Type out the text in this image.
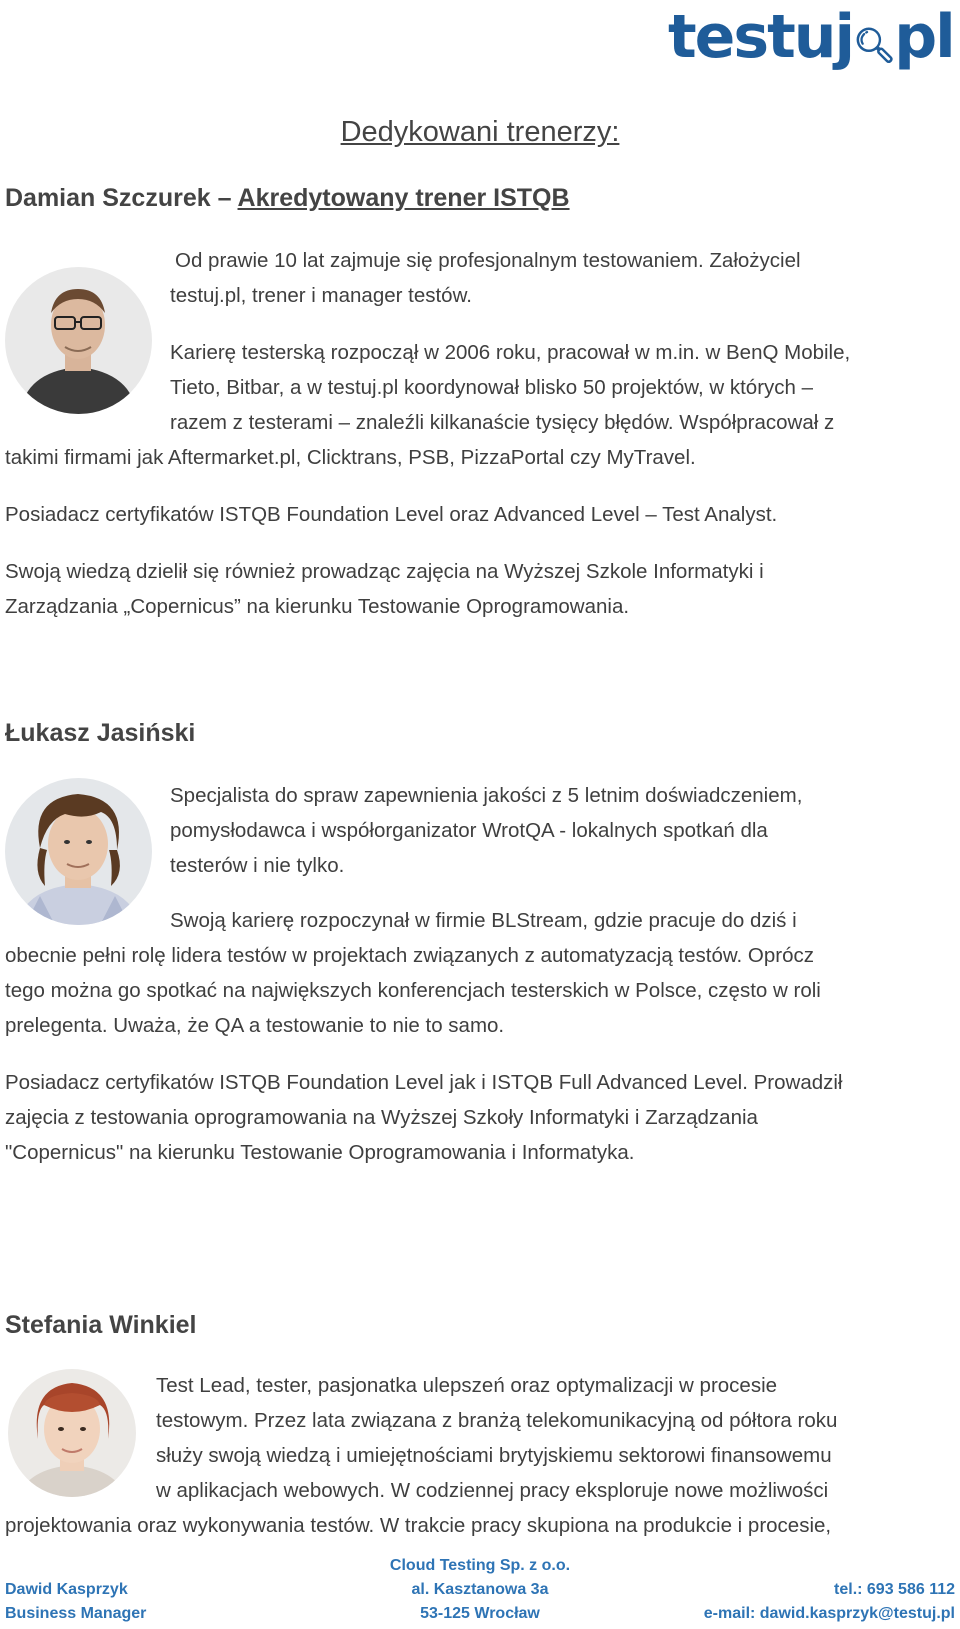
testuj🔍︎pl
Dedykowani trenerzy:
Damian Szczurek – Akredytowany trener ISTQB

Od prawie 10 lat zajmuje się profesjonalnym testowaniem. Założyciel

testuj.pl, trener i manager testów.

Karierę testerską rozpoczął w 2006 roku, pracował w m.in. w BenQ Mobile,

Tieto, Bitbar, a w testuj.pl koordynował blisko 50 projektów, w których –

razem z testerami – znaleźli kilkanaście tysięcy błędów. Współpracował z

takimi firmami jak Aftermarket.pl, Clicktrans, PSB, PizzaPortal czy MyTravel.

Posiadacz certyfikatów ISTQB Foundation Level oraz Advanced Level – Test Analyst.

Swoją wiedzą dzielił się również prowadząc zajęcia na Wyższej Szkole Informatyki i

Zarządzania „Copernicus” na kierunku Testowanie Oprogramowania.

Łukasz Jasiński

Specjalista do spraw zapewnienia jakości z 5 letnim doświadczeniem,

pomysłodawca i współorganizator WrotQA - lokalnych spotkań dla

testerów i nie tylko.

Swoją karierę rozpoczynał w firmie BLStream, gdzie pracuje do dziś i

obecnie pełni rolę lidera testów w projektach związanych z automatyzacją testów. Oprócz

tego można go spotkać na największych konferencjach testerskich w Polsce, często w roli

prelegenta. Uważa, że QA a testowanie to nie to samo.

Posiadacz certyfikatów ISTQB Foundation Level jak i ISTQB Full Advanced Level. Prowadził

zajęcia z testowania oprogramowania na Wyższej Szkoły Informatyki i Zarządzania

"Copernicus" na kierunku Testowanie Oprogramowania i Informatyka.

Stefania Winkiel

Test Lead, tester, pasjonatka ulepszeń oraz optymalizacji w procesie

testowym. Przez lata związana z branżą telekomunikacyjną od półtora roku

służy swoją wiedzą i umiejętnościami brytyjskiemu sektorowi finansowemu

w aplikacjach webowych. W codziennej pracy eksploruje nowe możliwości

projektowania oraz wykonywania testów. W trakcie pracy skupiona na produkcie i procesie,

Cloud Testing Sp. z o.o.
Dawid Kasprzyk
Business Manager
al. Kasztanowa 3a
53-125 Wrocław
tel.: 693 586 112
e-mail: dawid.kasprzyk@testuj.pl
